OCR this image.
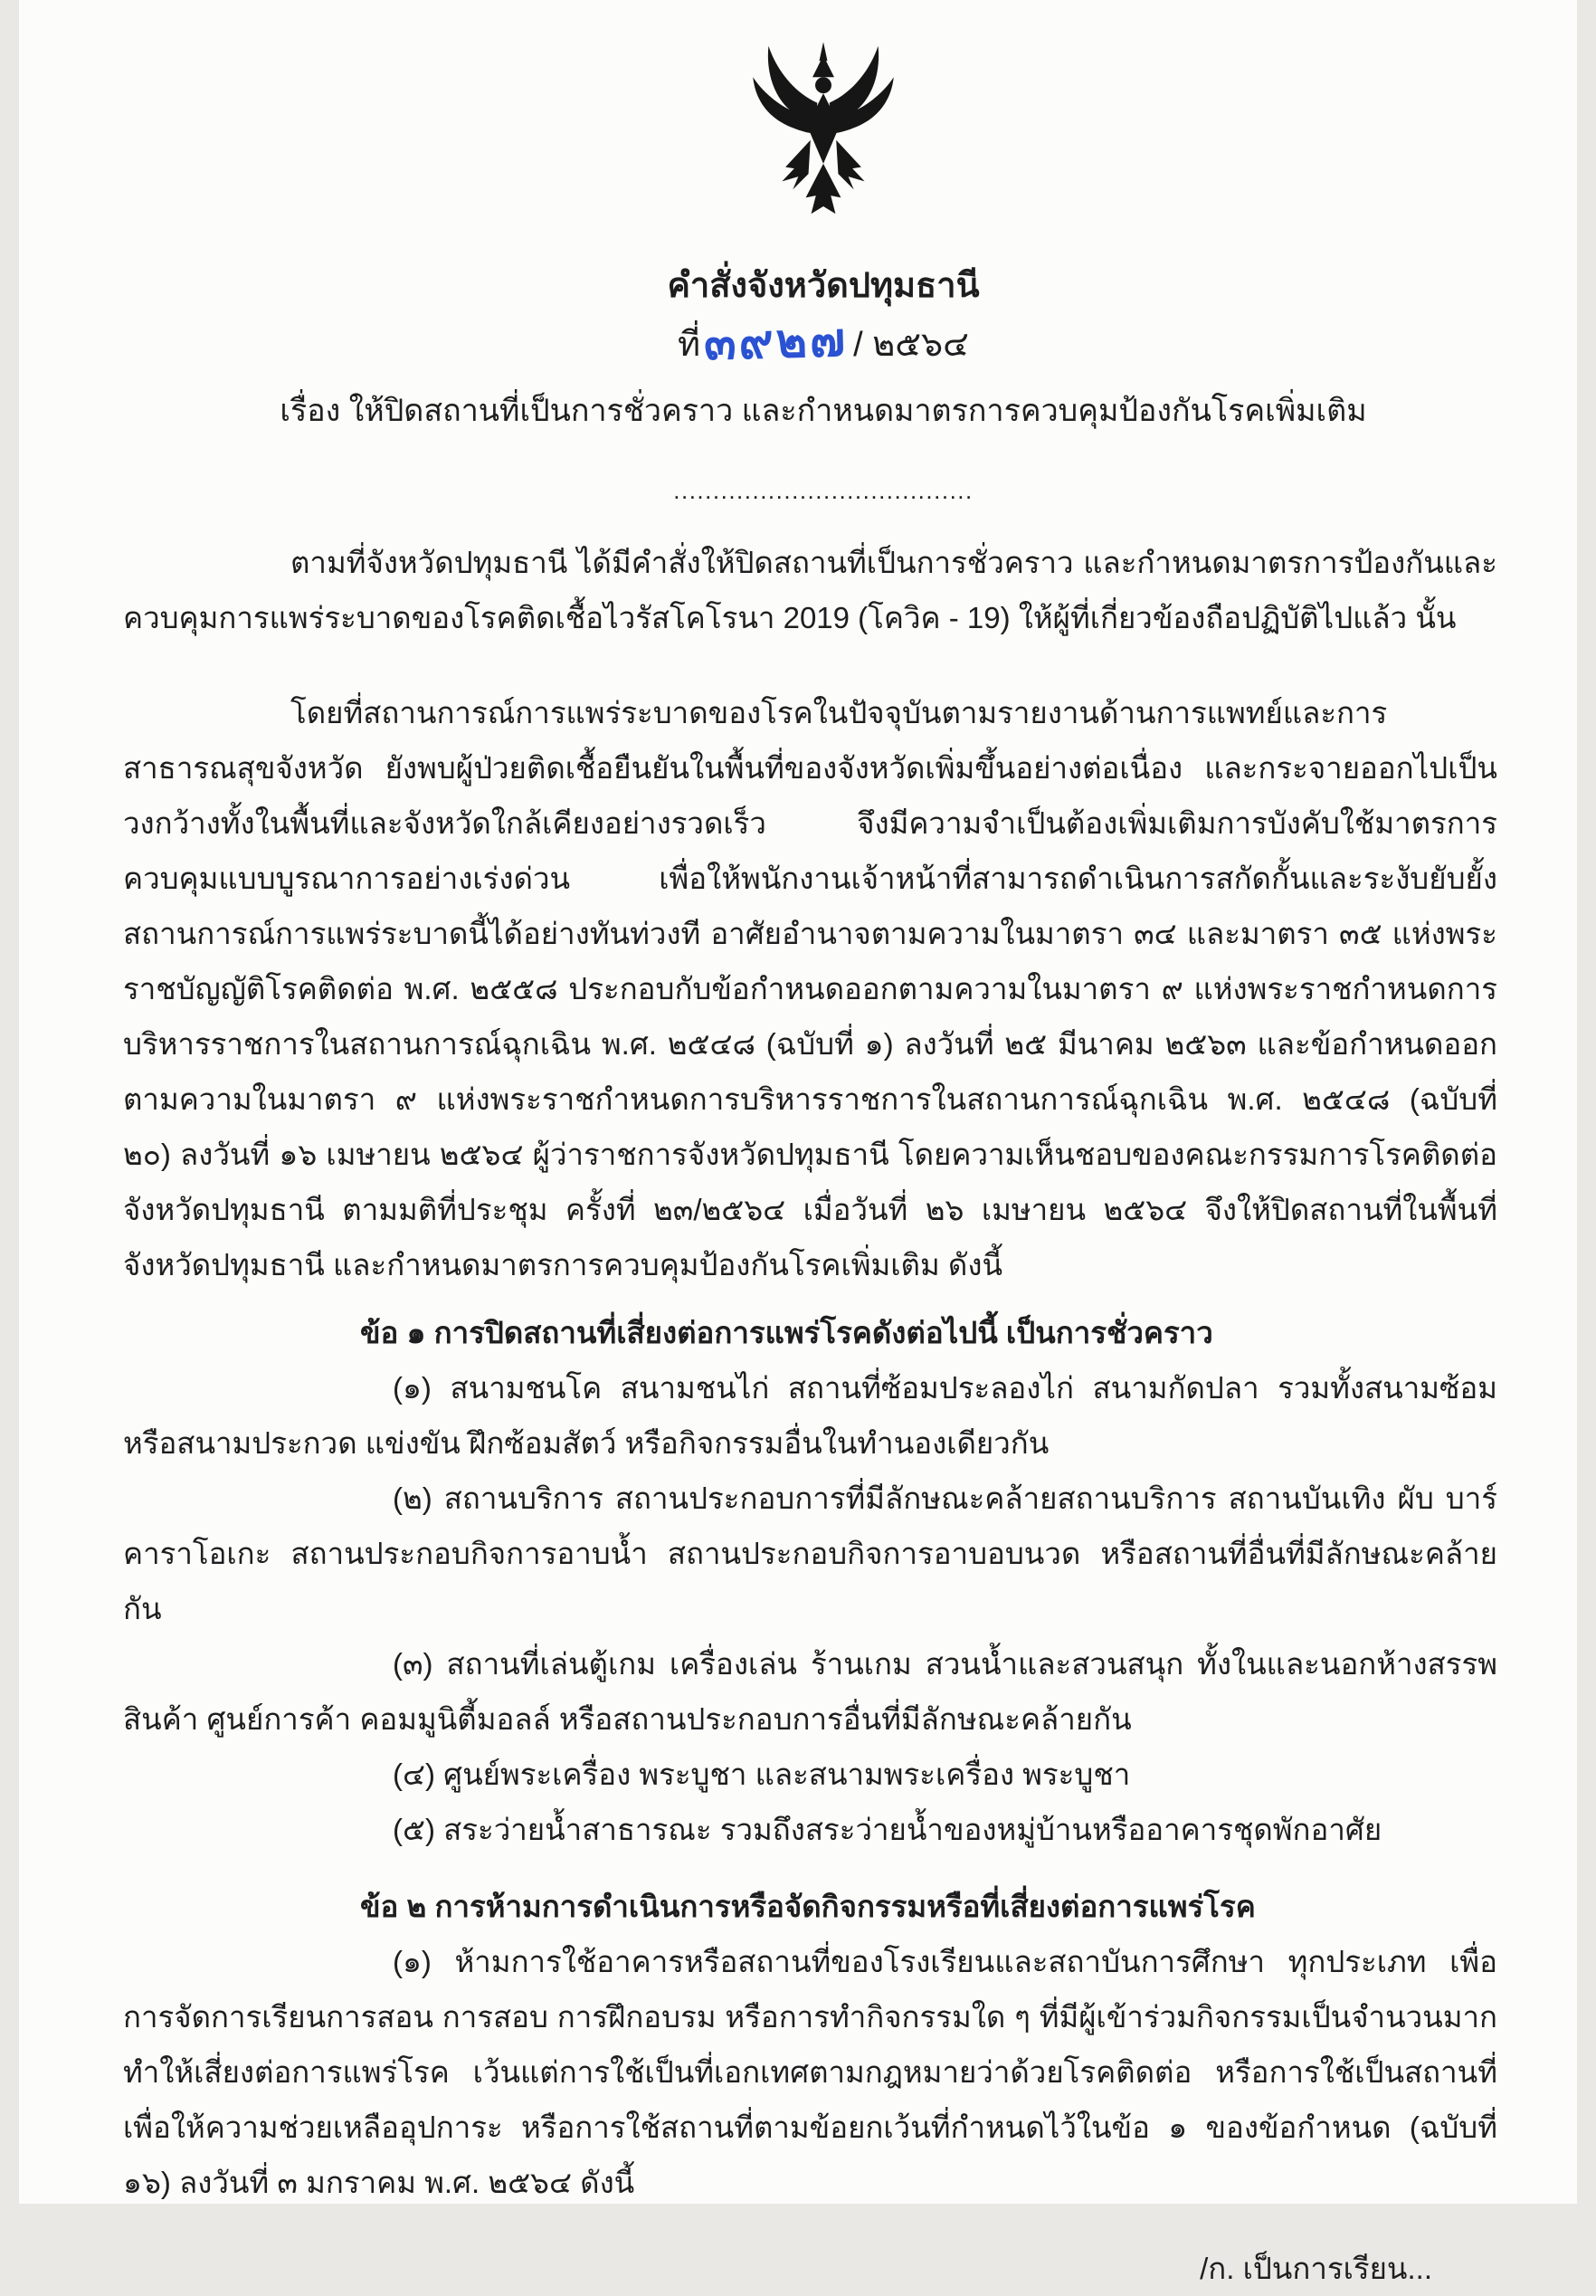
คำสั่งจังหวัดปทุมธานี
ที่๓๙๒๗ / ๒๕๖๔
เรื่อง ให้ปิดสถานที่เป็นการชั่วคราว และกำหนดมาตรการควบคุมป้องกันโรคเพิ่มเติม
......................................

ตามที่จังหวัดปทุมธานี ได้มีคำสั่งให้ปิดสถานที่เป็นการชั่วคราว และกำหนดมาตรการป้องกันและควบคุมการแพร่ระบาดของโรคติดเชื้อไวรัสโคโรนา 2019 (โควิค - 19) ให้ผู้ที่เกี่ยวข้องถือปฏิบัติไปแล้ว นั้น

โดยที่สถานการณ์การแพร่ระบาดของโรคในปัจจุบันตามรายงานด้านการแพทย์และการสาธารณสุขจังหวัด ยังพบผู้ป่วยติดเชื้อยืนยันในพื้นที่ของจังหวัดเพิ่มขึ้นอย่างต่อเนื่อง และกระจายออกไปเป็นวงกว้างทั้งในพื้นที่และจังหวัดใกล้เคียงอย่างรวดเร็ว จึงมีความจำเป็นต้องเพิ่มเติมการบังคับใช้มาตรการควบคุมแบบบูรณาการอย่างเร่งด่วน เพื่อให้พนักงานเจ้าหน้าที่สามารถดำเนินการสกัดกั้นและระงับยับยั้งสถานการณ์การแพร่ระบาดนี้ได้อย่างทันท่วงที อาศัยอำนาจตามความในมาตรา ๓๔ และมาตรา ๓๕ แห่งพระราชบัญญัติโรคติดต่อ พ.ศ. ๒๕๕๘ ประกอบกับข้อกำหนดออกตามความในมาตรา ๙ แห่งพระราชกำหนดการบริหารราชการในสถานการณ์ฉุกเฉิน พ.ศ. ๒๕๔๘ (ฉบับที่ ๑) ลงวันที่ ๒๕ มีนาคม ๒๕๖๓ และข้อกำหนดออกตามความในมาตรา ๙ แห่งพระราชกำหนดการบริหารราชการในสถานการณ์ฉุกเฉิน พ.ศ. ๒๕๔๘ (ฉบับที่ ๒๐) ลงวันที่ ๑๖ เมษายน ๒๕๖๔ ผู้ว่าราชการจังหวัดปทุมธานี โดยความเห็นชอบของคณะกรรมการโรคติดต่อจังหวัดปทุมธานี ตามมติที่ประชุม ครั้งที่ ๒๓/๒๕๖๔ เมื่อวันที่ ๒๖ เมษายน ๒๕๖๔ จึงให้ปิดสถานที่ในพื้นที่จังหวัดปทุมธานี และกำหนดมาตรการควบคุมป้องกันโรคเพิ่มเติม ดังนี้

ข้อ ๑ การปิดสถานที่เสี่ยงต่อการแพร่โรคดังต่อไปนี้ เป็นการชั่วคราว

(๑) สนามชนโค สนามชนไก่ สถานที่ซ้อมประลองไก่ สนามกัดปลา รวมทั้งสนามซ้อมหรือสนามประกวด แข่งขัน ฝึกซ้อมสัตว์ หรือกิจกรรมอื่นในทำนองเดียวกัน

(๒) สถานบริการ สถานประกอบการที่มีลักษณะคล้ายสถานบริการ สถานบันเทิง ผับ บาร์ คาราโอเกะ สถานประกอบกิจการอาบน้ำ สถานประกอบกิจการอาบอบนวด หรือสถานที่อื่นที่มีลักษณะคล้ายกัน

(๓) สถานที่เล่นตู้เกม เครื่องเล่น ร้านเกม สวนน้ำและสวนสนุก ทั้งในและนอกห้างสรรพสินค้า ศูนย์การค้า คอมมูนิตี้มอลล์ หรือสถานประกอบการอื่นที่มีลักษณะคล้ายกัน

(๔) ศูนย์พระเครื่อง พระบูชา และสนามพระเครื่อง พระบูชา

(๕) สระว่ายน้ำสาธารณะ รวมถึงสระว่ายน้ำของหมู่บ้านหรืออาคารชุดพักอาศัย

ข้อ ๒ การห้ามการดำเนินการหรือจัดกิจกรรมหรือที่เสี่ยงต่อการแพร่โรค

(๑) ห้ามการใช้อาคารหรือสถานที่ของโรงเรียนและสถาบันการศึกษา ทุกประเภท เพื่อการจัดการเรียนการสอน การสอบ การฝึกอบรม หรือการทำกิจกรรมใด ๆ ที่มีผู้เข้าร่วมกิจกรรมเป็นจำนวนมาก ทำให้เสี่ยงต่อการแพร่โรค เว้นแต่การใช้เป็นที่เอกเทศตามกฎหมายว่าด้วยโรคติดต่อ หรือการใช้เป็นสถานที่เพื่อให้ความช่วยเหลืออุปการะ หรือการใช้สถานที่ตามข้อยกเว้นที่กำหนดไว้ในข้อ ๑ ของข้อกำหนด (ฉบับที่ ๑๖) ลงวันที่ ๓ มกราคม พ.ศ. ๒๕๖๔ ดังนี้

/ก. เป็นการเรียน...
